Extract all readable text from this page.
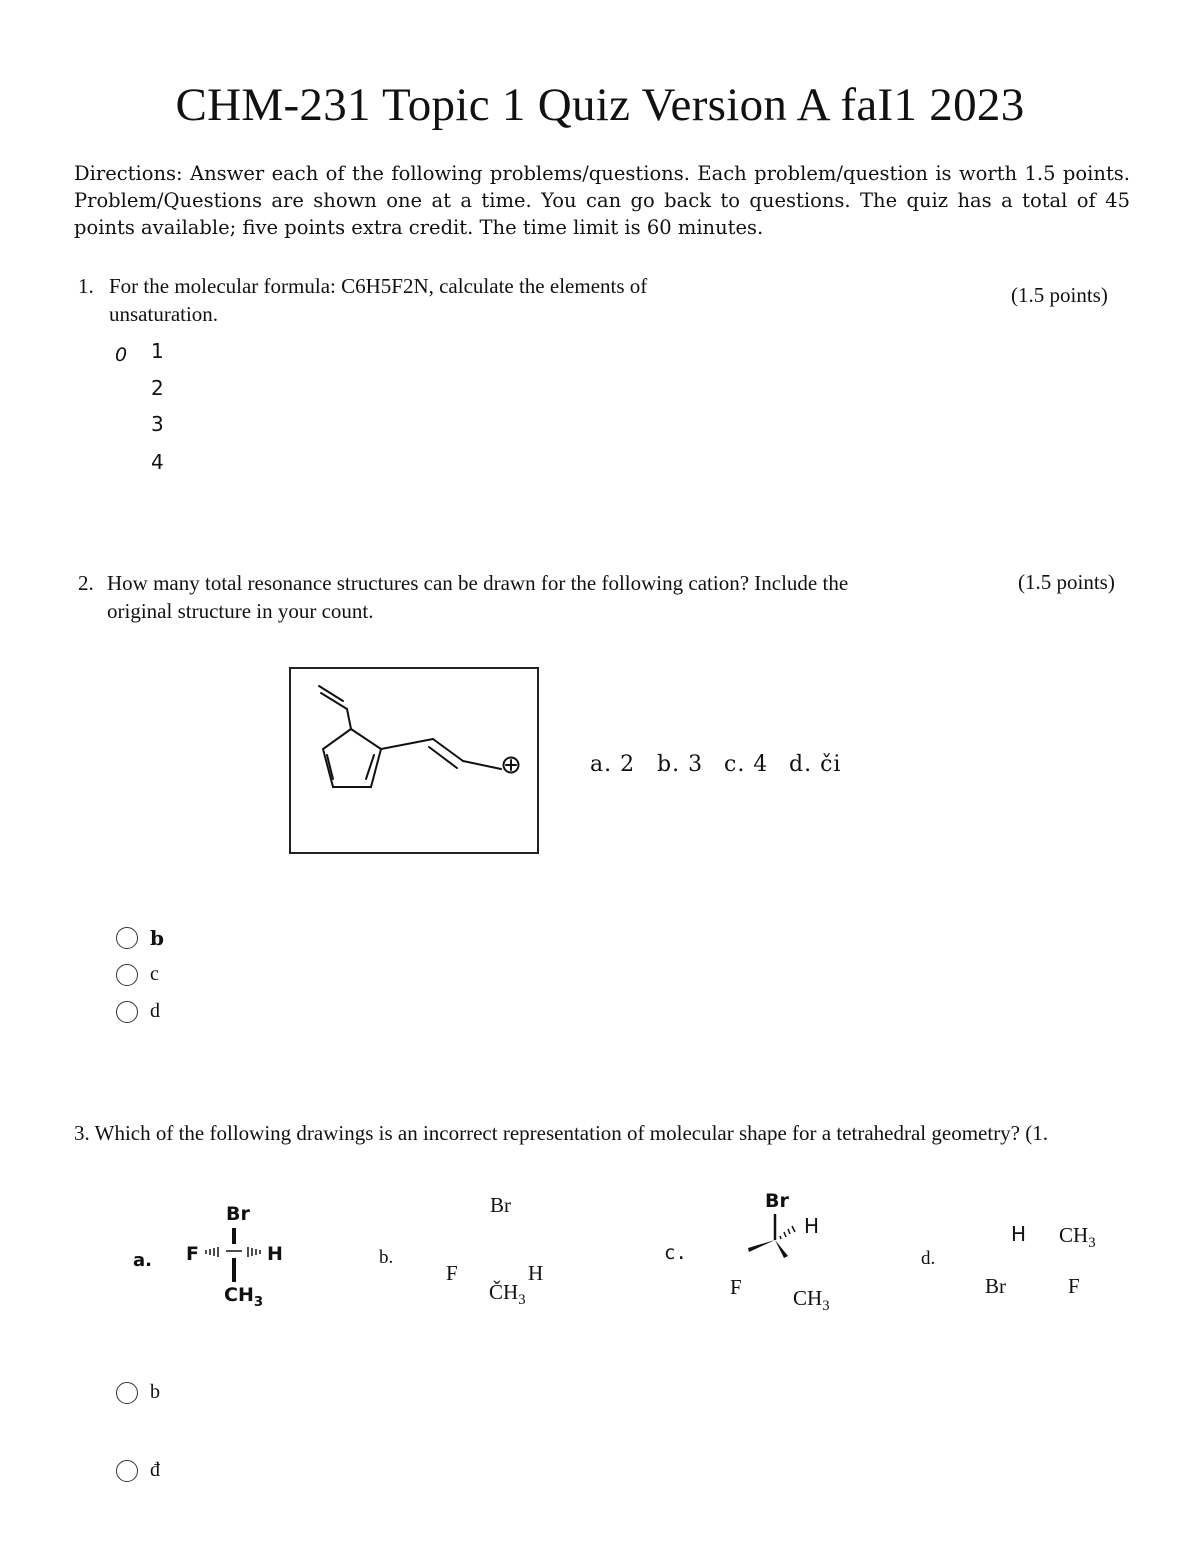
CHM-231 Topic 1 Quiz Version A faI1 2023
Directions: Answer each of the following problems/questions. Each problem/question is worth 1.5 points. Problem/Questions are shown one at a time. You can go back to questions. The quiz has a total of 45 points available; five points extra credit. The time limit is 60 minutes.
1. For the molecular formula: C6H5F2N, calculate the elements of
unsaturation.
(1.5 points)
0 1
2
3
4
2. How many total resonance structures can be drawn for the following cation? Include the
original structure in your count.
(1.5 points)
a. 2 b. 3 c. 4 d. či
b
c
d
3. Which of the following drawings is an incorrect representation of molecular shape for a tetrahedral geometry? (1.
a.
Br
F	H
$CH_3$
b.
Br
F	H
$ČH_3$
c.
Br
H
F $CH_3$
d.
H $CH_3$
Br	F
b
đ
